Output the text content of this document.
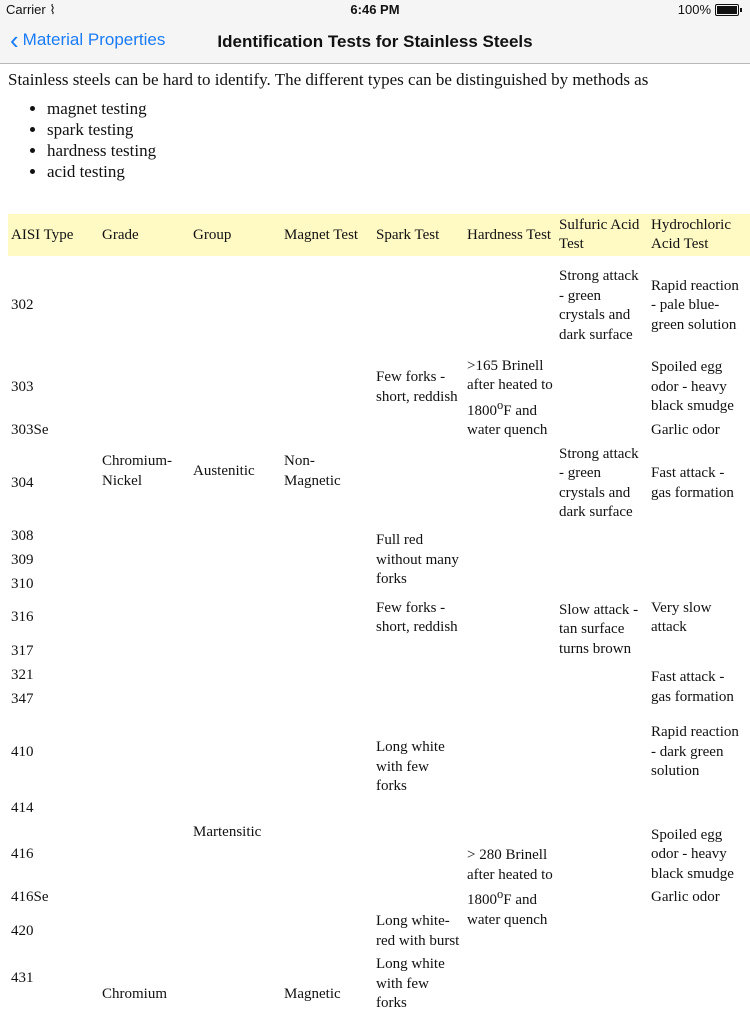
Carrier ⌇	6:46 PM	100%
‹ Material Properties	Identification Tests for Stainless Steels

Stainless steels can be hard to identify. The different types can be distinguished by methods as

• magnet testing
• spark testing
• hardness testing
• acid testing
AISI Type	Grade	Group	Magnet Test	Spark Test	Hardness Test	Sulfuric Acid Test	Hydrochloric Acid Test
302	Chromium-Nickel	Austenitic	Non-Magnetic		>165 Brinell after heated to 1800$^o$F and water quench	Strong attack - green crystals and dark surface	Rapid reaction - pale blue-green solution
303				Few forks - short, reddish			Spoiled egg odor - heavy black smudge
303Se							Garlic odor
304						Strong attack - green crystals and dark surface	Fast attack - gas formation
308				Full red without many forks			
309							
310							
316				Few forks - short, reddish		Slow attack - tan surface turns brown	Very slow attack
317							
321							Fast attack - gas formation
347							
410		Martensitic		Long white with few forks			Rapid reaction - dark green solution
414							
416					> 280 Brinell after heated to 1800$^o$F and water quench		Spoiled egg odor - heavy black smudge
416Se							Garlic odor
420				Long white-red with burst			
431	Chromium		Magnetic	Long white with few forks			
